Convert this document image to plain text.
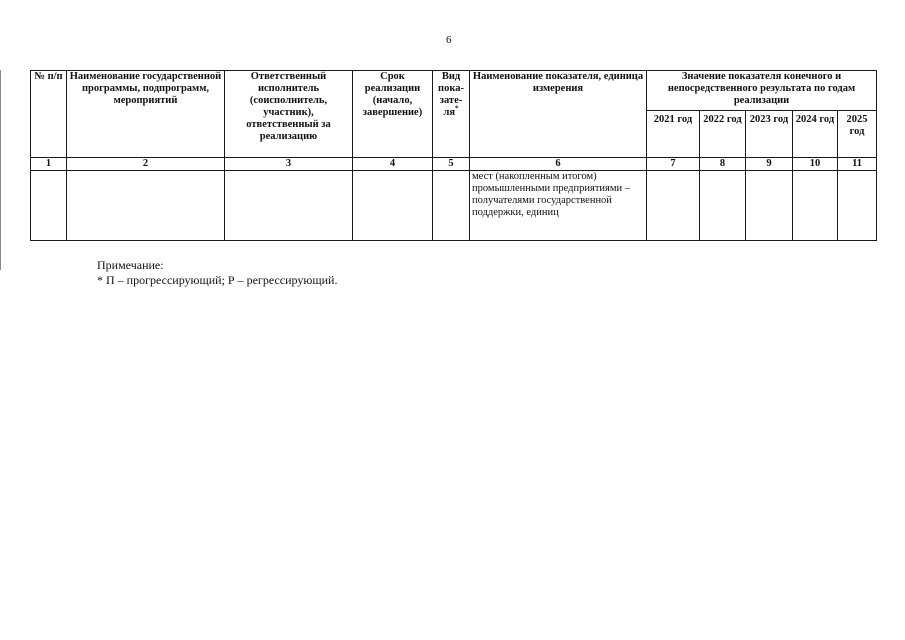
6
№ п/п	Наименование государственной программы, подпрограмм, мероприятий	Ответственный исполнитель (соисполнитель, участник), ответственный за реализацию	Срок реализации (начало, завершение)	Вид пока-зате-ля*	Наименование показателя, единица измерения	Значение показателя конечного и непосредственного результата по годам реализации				
						2021 год	2022 год	2023 год	2024 год	2025 год
1	2	3	4	5	6	7	8	9	10	11
					мест (накопленным итогом) промышленными предприятиями – получателями государственной поддержки, единиц					
Примечание:
* П – прогрессирующий; Р – регрессирующий.
